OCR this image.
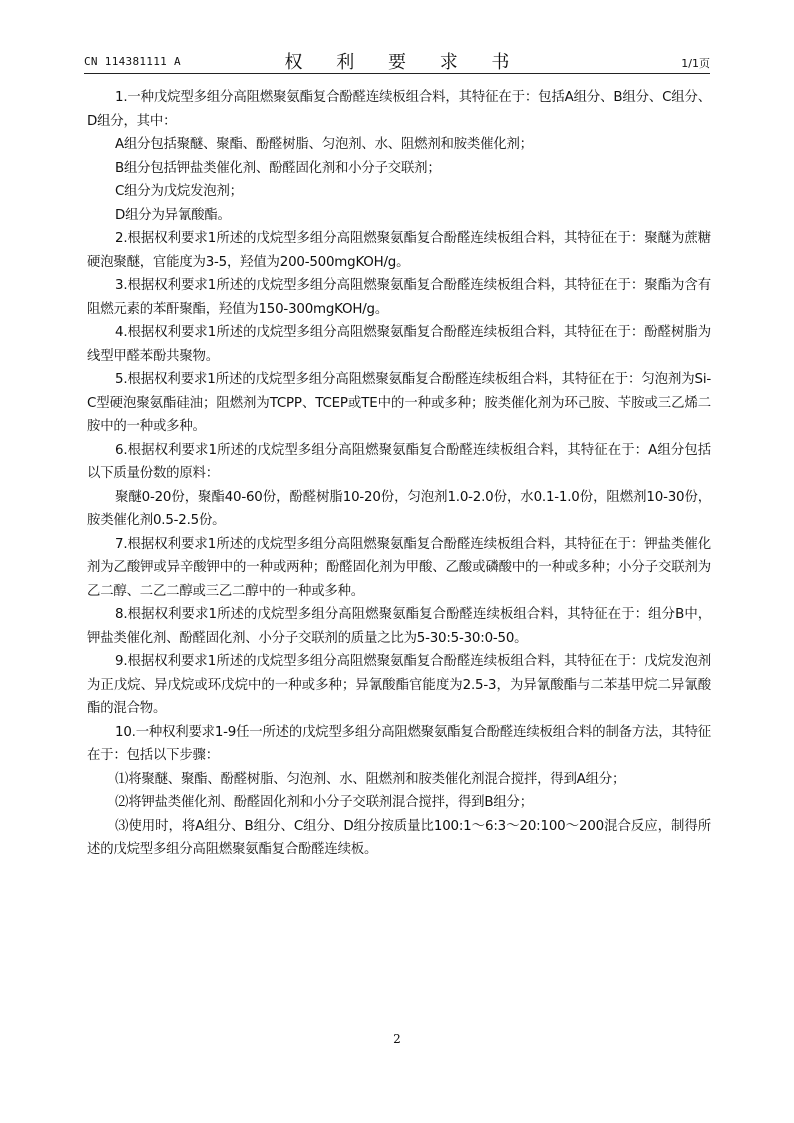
CN 114381111 A	权 利 要 求 书	1/1页

1.一种戊烷型多组分高阻燃聚氨酯复合酚醛连续板组合料，其特征在于：包括A组分、B组分、C组分、D组分，其中：

A组分包括聚醚、聚酯、酚醛树脂、匀泡剂、水、阻燃剂和胺类催化剂；

B组分包括钾盐类催化剂、酚醛固化剂和小分子交联剂；

C组分为戊烷发泡剂；

D组分为异氰酸酯。

2.根据权利要求1所述的戊烷型多组分高阻燃聚氨酯复合酚醛连续板组合料，其特征在于：聚醚为蔗糖硬泡聚醚，官能度为3-5，羟值为200-500mgKOH/g。

3.根据权利要求1所述的戊烷型多组分高阻燃聚氨酯复合酚醛连续板组合料，其特征在于：聚酯为含有阻燃元素的苯酐聚酯，羟值为150-300mgKOH/g。

4.根据权利要求1所述的戊烷型多组分高阻燃聚氨酯复合酚醛连续板组合料，其特征在于：酚醛树脂为线型甲醛苯酚共聚物。

5.根据权利要求1所述的戊烷型多组分高阻燃聚氨酯复合酚醛连续板组合料，其特征在于：匀泡剂为Si-C型硬泡聚氨酯硅油；阻燃剂为TCPP、TCEP或TE中的一种或多种；胺类催化剂为环己胺、苄胺或三乙烯二胺中的一种或多种。

6.根据权利要求1所述的戊烷型多组分高阻燃聚氨酯复合酚醛连续板组合料，其特征在于：A组分包括以下质量份数的原料：

聚醚0-20份，聚酯40-60份，酚醛树脂10-20份，匀泡剂1.0-2.0份，水0.1-1.0份，阻燃剂10-30份，胺类催化剂0.5-2.5份。

7.根据权利要求1所述的戊烷型多组分高阻燃聚氨酯复合酚醛连续板组合料，其特征在于：钾盐类催化剂为乙酸钾或异辛酸钾中的一种或两种；酚醛固化剂为甲酸、乙酸或磷酸中的一种或多种；小分子交联剂为乙二醇、二乙二醇或三乙二醇中的一种或多种。

8.根据权利要求1所述的戊烷型多组分高阻燃聚氨酯复合酚醛连续板组合料，其特征在于：组分B中，钾盐类催化剂、酚醛固化剂、小分子交联剂的质量之比为5-30:5-30:0-50。

9.根据权利要求1所述的戊烷型多组分高阻燃聚氨酯复合酚醛连续板组合料，其特征在于：戊烷发泡剂为正戊烷、异戊烷或环戊烷中的一种或多种；异氰酸酯官能度为2.5-3，为异氰酸酯与二苯基甲烷二异氰酸酯的混合物。

10.一种权利要求1-9任一所述的戊烷型多组分高阻燃聚氨酯复合酚醛连续板组合料的制备方法，其特征在于：包括以下步骤：

⑴将聚醚、聚酯、酚醛树脂、匀泡剂、水、阻燃剂和胺类催化剂混合搅拌，得到A组分；

⑵将钾盐类催化剂、酚醛固化剂和小分子交联剂混合搅拌，得到B组分；

⑶使用时，将A组分、B组分、C组分、D组分按质量比100:1～6:3～20:100～200混合反应，制得所述的戊烷型多组分高阻燃聚氨酯复合酚醛连续板。

2
